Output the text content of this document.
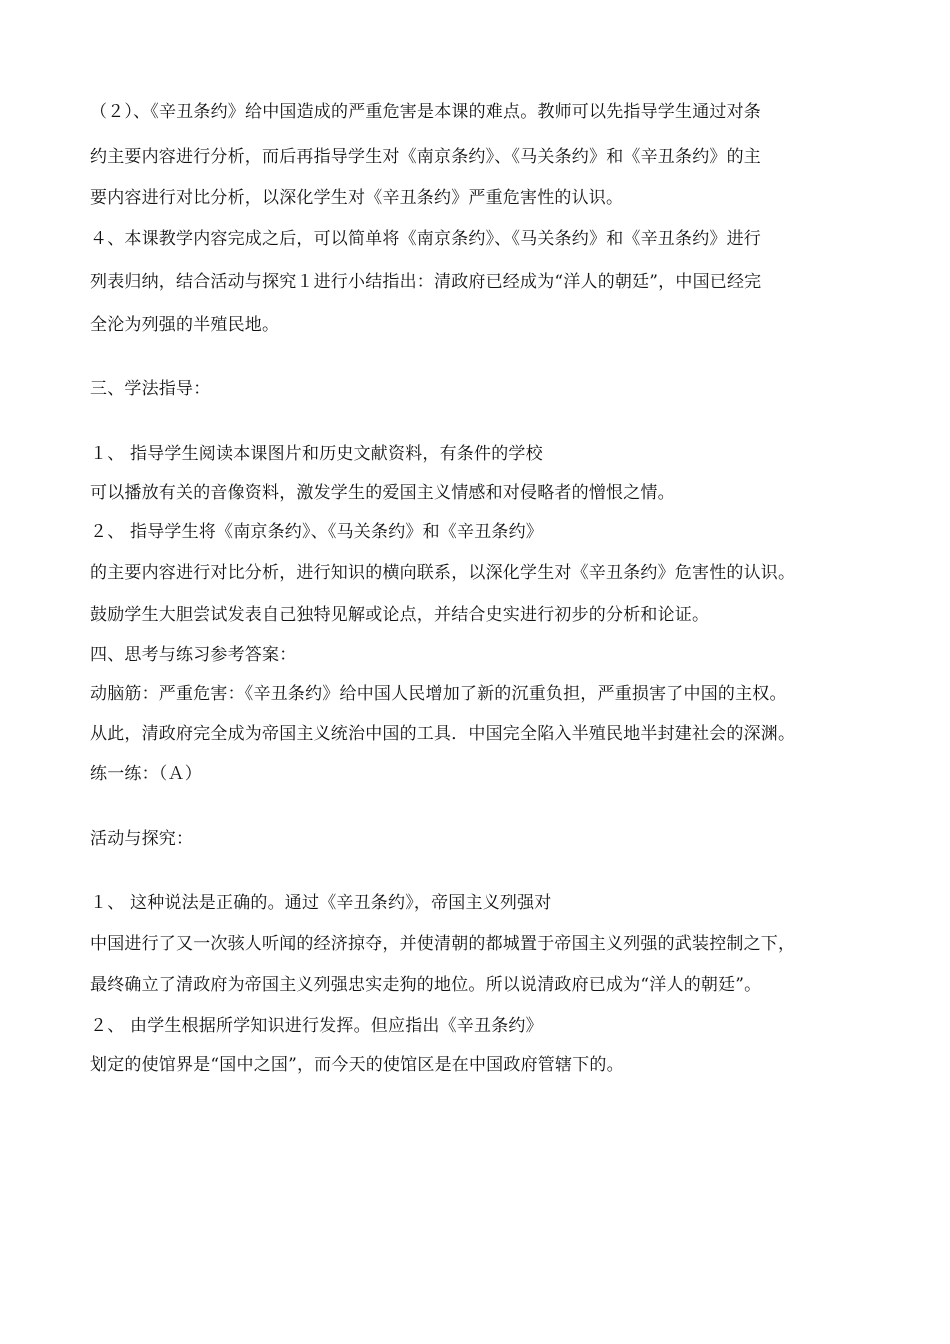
（２）、《辛丑条约》给中国造成的严重危害是本课的难点。教师可以先指导学生通过对条
约主要内容进行分析，而后再指导学生对《南京条约》、《马关条约》和《辛丑条约》的主
要内容进行对比分析，以深化学生对《辛丑条约》严重危害性的认识。
４、本课教学内容完成之后，可以简单将《南京条约》、《马关条约》和《辛丑条约》进行
列表归纳，结合活动与探究１进行小结指出：清政府已经成为“洋人的朝廷”，中国已经完
全沦为列强的半殖民地。
三、学法指导：
１、 指导学生阅读本课图片和历史文献资料，有条件的学校
可以播放有关的音像资料，激发学生的爱国主义情感和对侵略者的憎恨之情。
２、 指导学生将《南京条约》、《马关条约》和《辛丑条约》
的主要内容进行对比分析，进行知识的横向联系，以深化学生对《辛丑条约》危害性的认识。
鼓励学生大胆尝试发表自己独特见解或论点，并结合史实进行初步的分析和论证。
四、思考与练习参考答案：
动脑筋：严重危害：《辛丑条约》给中国人民增加了新的沉重负担，严重损害了中国的主权。
从此，清政府完全成为帝国主义统治中国的工具．中国完全陷入半殖民地半封建社会的深渊。
练一练：（Ａ）
活动与探究：
１、 这种说法是正确的。通过《辛丑条约》，帝国主义列强对
中国进行了又一次骇人听闻的经济掠夺，并使清朝的都城置于帝国主义列强的武装控制之下，
最终确立了清政府为帝国主义列强忠实走狗的地位。所以说清政府已成为“洋人的朝廷”。
２、 由学生根据所学知识进行发挥。但应指出《辛丑条约》
划定的使馆界是“国中之国”，而今天的使馆区是在中国政府管辖下的。
